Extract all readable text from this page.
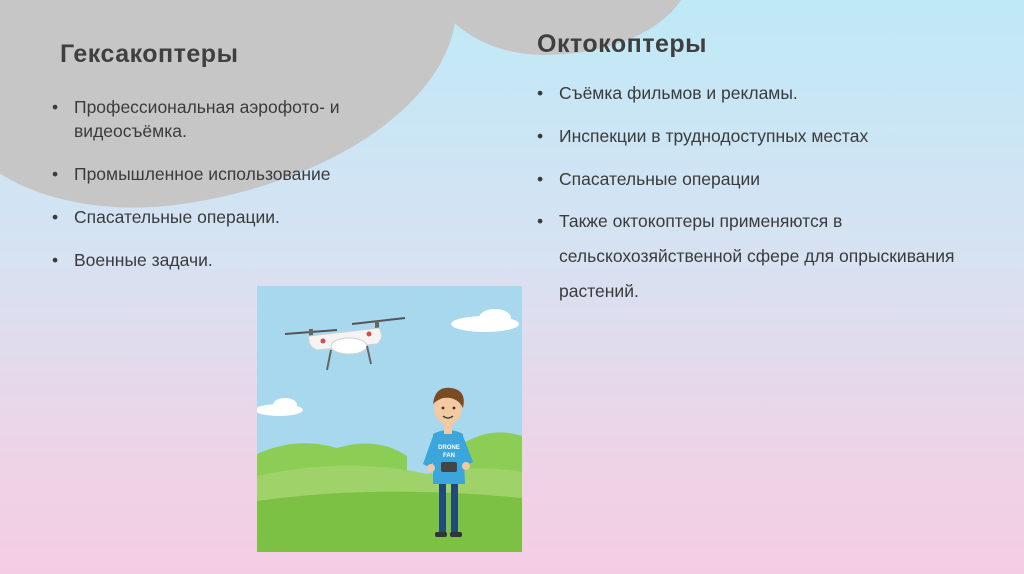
Гексакоптеры
• Профессиональная аэрофото- и видеосъёмка.
• Промышленное использование
• Спасательные операции.
• Военные задачи.
Октокоптеры
• Съёмка фильмов и рекламы.
• Инспекции в труднодоступных местах
• Спасательные операции
• Также октокоптеры применяются в сельскохозяйственной сфере для опрыскивания растений.
DRONE
FAN
